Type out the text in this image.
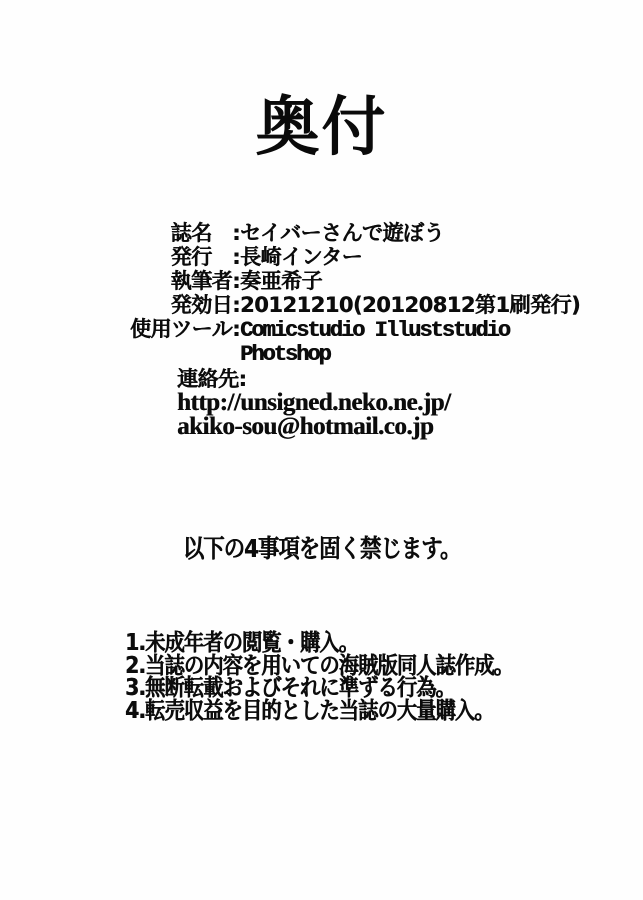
奥付
誌名　: セイバーさんで遊ぼう
発行　: 長崎インター
執筆者: 奏亜希子
発効日: 20121210(20120812第1刷発行)
使用ツール: Comicstudio Illuststudio
Photshop
連絡先:
http://unsigned.neko.ne.jp/
akiko-sou@hotmail.co.jp
以下の4事項を固く禁じます。
1.未成年者の閲覧・購入。
2.当誌の内容を用いての海賊版同人誌作成。
3.無断転載およびそれに準ずる行為。
4.転売収益を目的とした当誌の大量購入。
